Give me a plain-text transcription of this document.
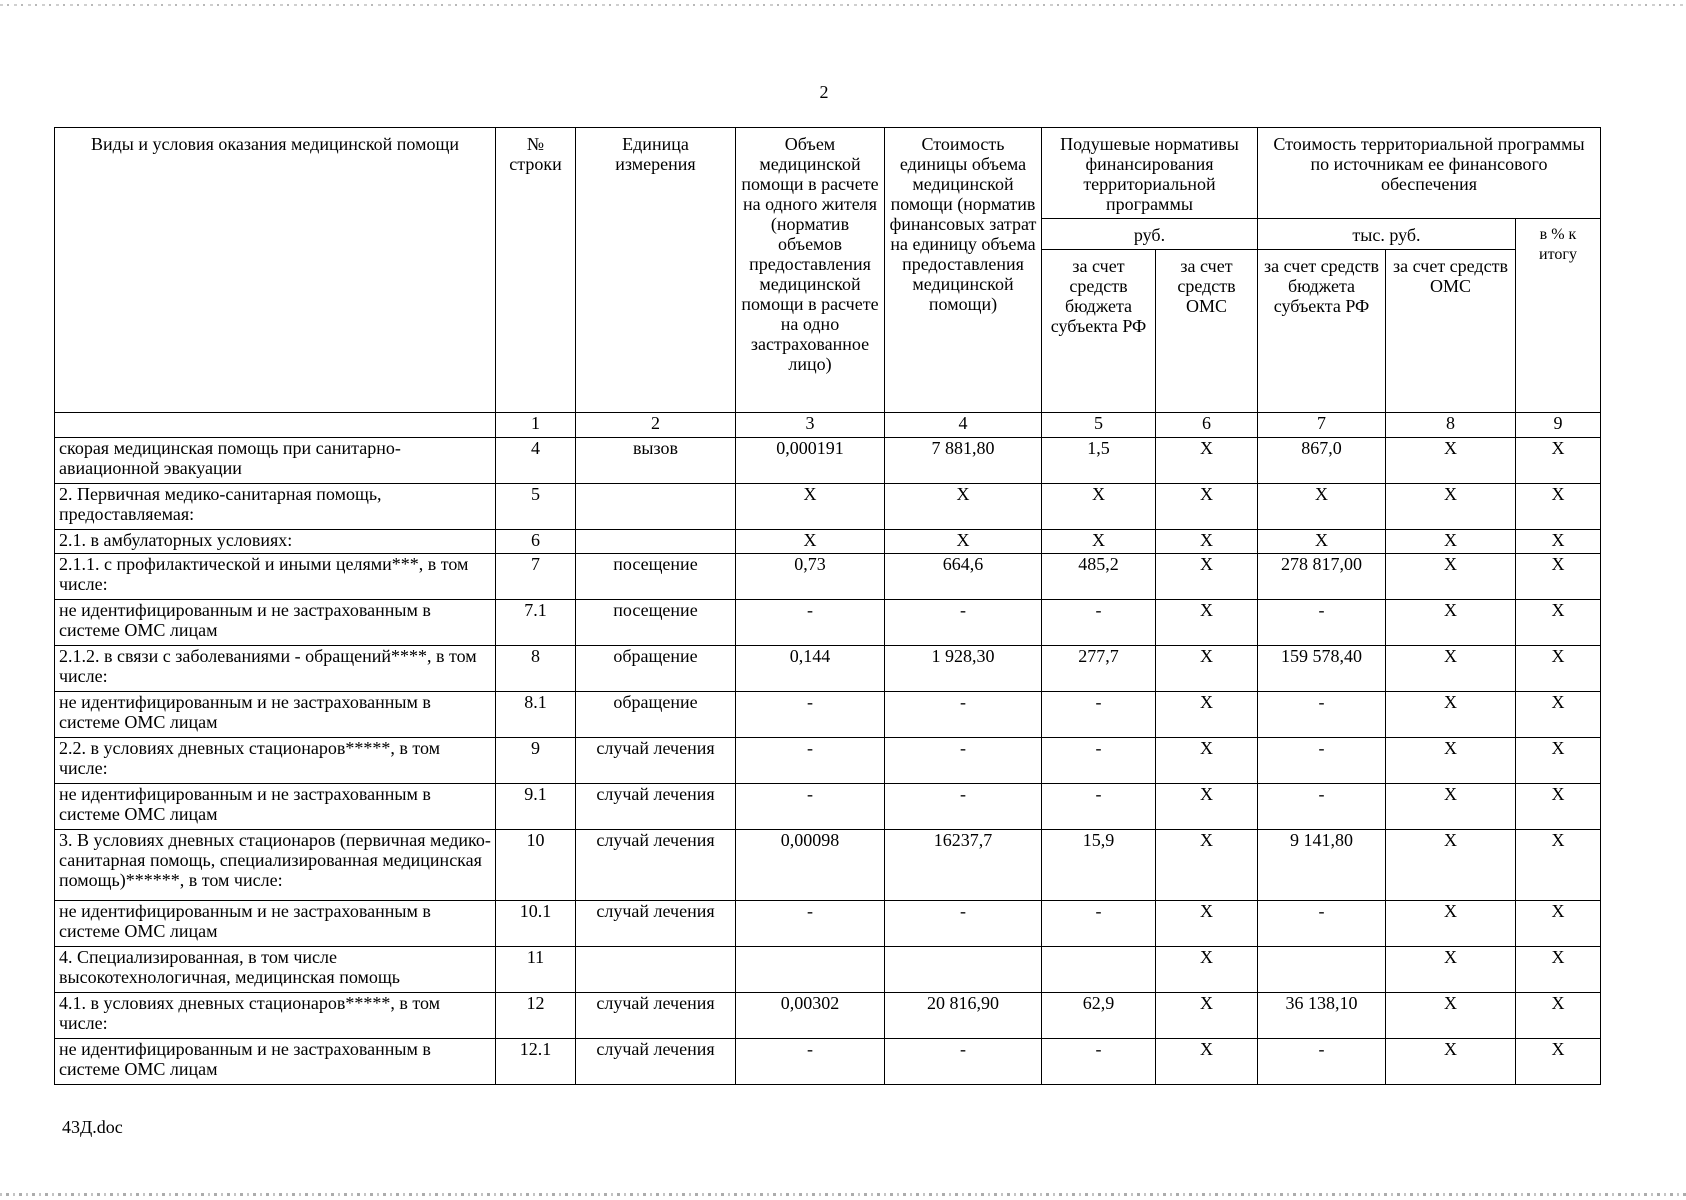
2
Виды и условия оказания медицинской помощи	№ строки	Единица измерения	Объем медицинской помощи в расчете на одного жителя (норматив объемов предоставления медицинской помощи в расчете на одно застрахованное лицо)	Стоимость единицы объема медицинской помощи (норматив финансовых затрат на единицу объема предоставления медицинской помощи)	Подушевые нормативы финансирования территориальной программы		Стоимость территориальной программы по источникам ее финансового обеспечения		
					руб.		тыс. руб.		в % к итогу
					за счет средств бюджета субъекта РФ	за счет средств ОМС	за счет средств бюджета субъекта РФ	за счет средств ОМС	
	1	2	3	4	5	6	7	8	9
скорая медицинская помощь при санитарно-авиационной эвакуации	4	вызов	0,000191	7 881,80	1,5	X	867,0	X	X
2. Первичная медико-санитарная помощь, предоставляемая:	5		X	X	X	X	X	X	X
2.1. в амбулаторных условиях:	6		X	X	X	X	X	X	X
2.1.1. с профилактической и иными целями***, в том числе:	7	посещение	0,73	664,6	485,2	X	278 817,00	X	X
не идентифицированным и не застрахованным в системе ОМС лицам	7.1	посещение	-	-	-	X	-	X	X
2.1.2. в связи с заболеваниями - обращений****, в том числе:	8	обращение	0,144	1 928,30	277,7	X	159 578,40	X	X
не идентифицированным и не застрахованным в системе ОМС лицам	8.1	обращение	-	-	-	X	-	X	X
2.2. в условиях дневных стационаров*****, в том числе:	9	случай лечения	-	-	-	X	-	X	X
не идентифицированным и не застрахованным в системе ОМС лицам	9.1	случай лечения	-	-	-	X	-	X	X
3. В условиях дневных стационаров (первичная медико-санитарная помощь, специализированная медицинская помощь)******, в том числе:	10	случай лечения	0,00098	16237,7	15,9	X	9 141,80	X	X
не идентифицированным и не застрахованным в системе ОМС лицам	10.1	случай лечения	-	-	-	X	-	X	X
4. Специализированная, в том числе высокотехнологичная, медицинская помощь	11					X		X	X
4.1. в условиях дневных стационаров*****, в том числе:	12	случай лечения	0,00302	20 816,90	62,9	X	36 138,10	X	X
не идентифицированным и не застрахованным в системе ОМС лицам	12.1	случай лечения	-	-	-	X	-	X	X
43Д.doc
